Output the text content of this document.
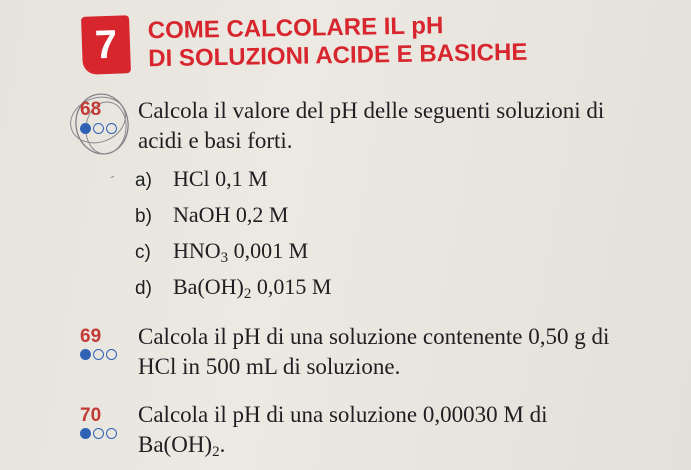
7	COME CALCOLARE IL pH
DI SOLUZIONI ACIDE E BASICHE
68 Calcola il valore del pH delle seguenti soluzioni di
acidi e basi forti.
a) HCl 0,1 M
b) NaOH 0,2 M
c)	$HNO_3$ 0,001 M
d) $Ba(OH)_2$ 0,015 M
69 Calcola il pH di una soluzione contenente 0,50 g di
HCl in 500 mL di soluzione.
70 Calcola il pH di una soluzione 0,00030 M di
$Ba(OH)_2$.
